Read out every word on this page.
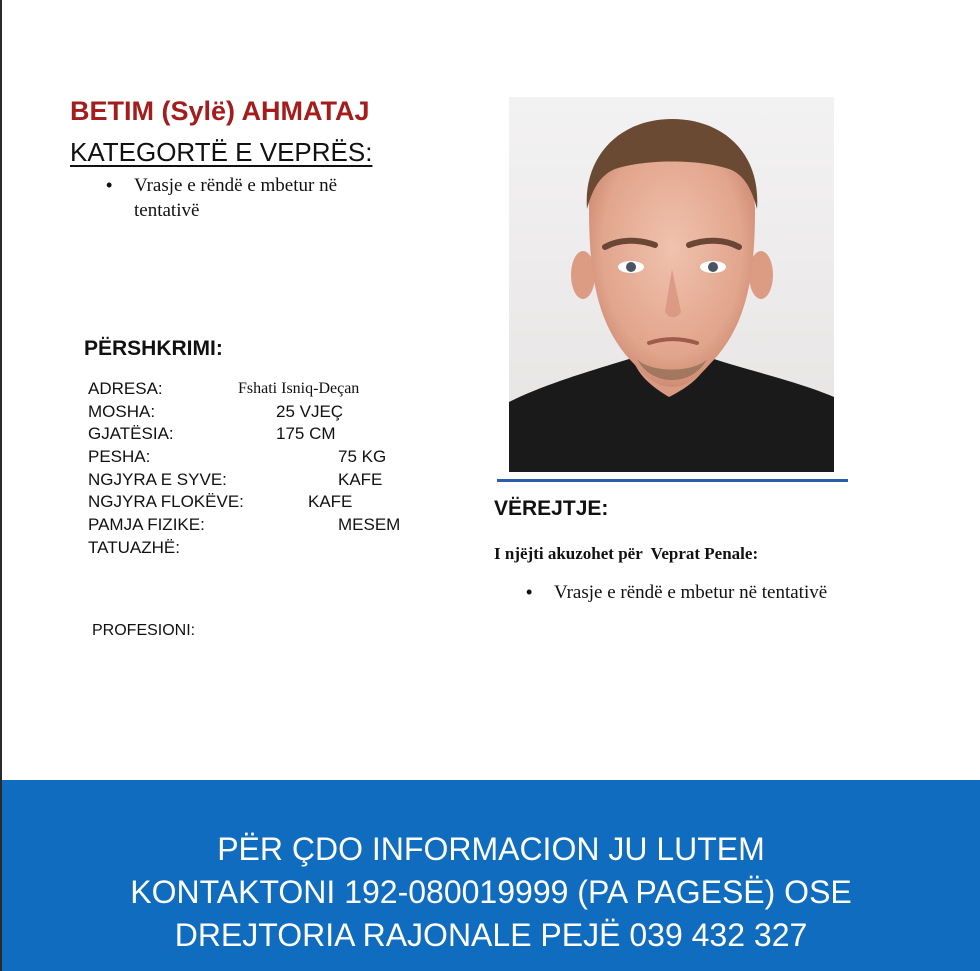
BETIM (Sylë) AHMATAJ
KATEGORTË E VEPRËS:
• Vrasje e rëndë e mbetur në tentativë
PËRSHKRIMI:
ADRESA:	Fshati Isniq-Deçan
MOSHA:	25 VJEÇ
GJATËSIA:	175 CM
PESHA:	75 KG
NGJYRA E SYVE:	KAFE
NGJYRA FLOKËVE:	KAFE
PAMJA FIZIKE:	MESEM
TATUAZHË:
PROFESIONI:
VËREJTJE:
I njëjti akuzohet për  Veprat Penale:
• Vrasje e rëndë e mbetur në tentativë
PËR ÇDO INFORMACION JU LUTEM
KONTAKTONI 192-080019999 (PA PAGESË) OSE
DREJTORIA RAJONALE PEJË 039 432 327
